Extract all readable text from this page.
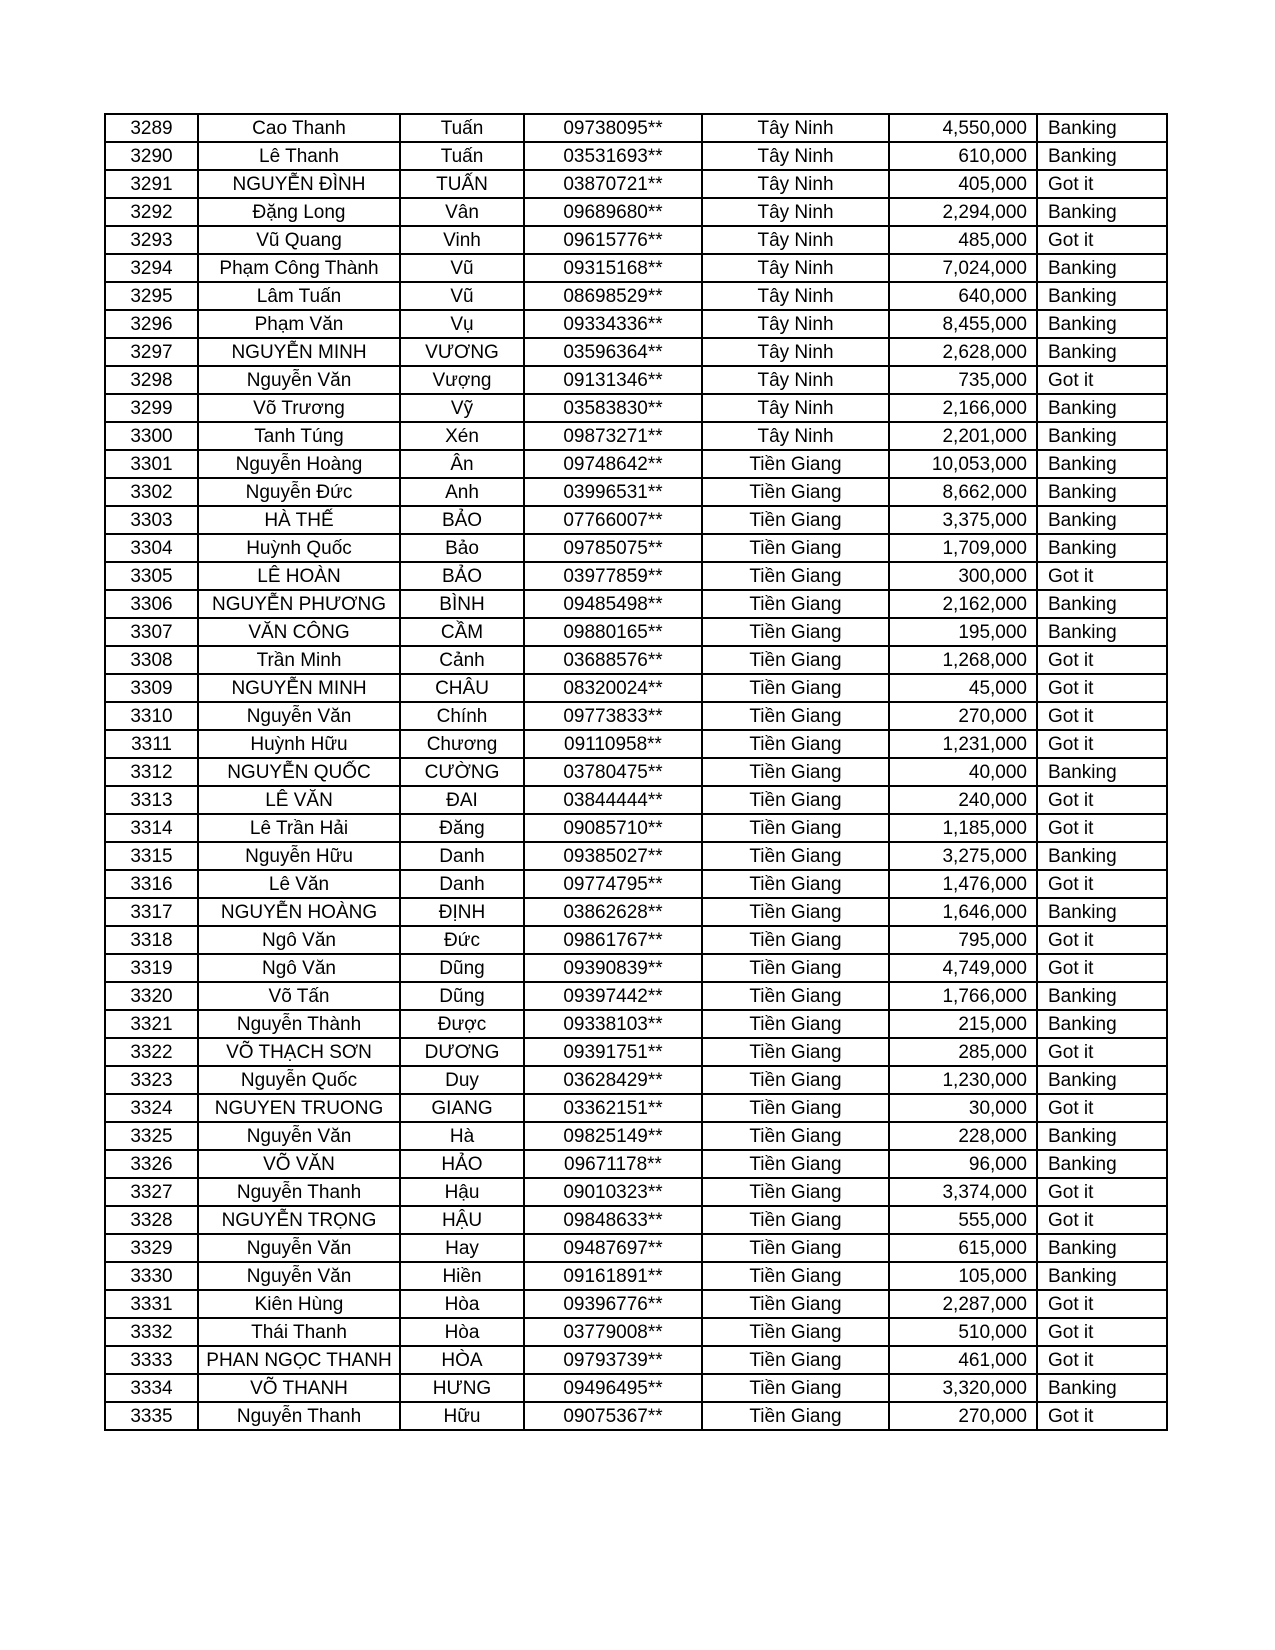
3289	Cao Thanh	Tuấn	09738095**	Tây Ninh	4,550,000	Banking
3290	Lê Thanh	Tuấn	03531693**	Tây Ninh	610,000	Banking
3291	NGUYỄN ĐÌNH	TUẤN	03870721**	Tây Ninh	405,000	Got it
3292	Đặng Long	Vân	09689680**	Tây Ninh	2,294,000	Banking
3293	Vũ Quang	Vinh	09615776**	Tây Ninh	485,000	Got it
3294	Phạm Công Thành	Vũ	09315168**	Tây Ninh	7,024,000	Banking
3295	Lâm Tuấn	Vũ	08698529**	Tây Ninh	640,000	Banking
3296	Phạm Văn	Vụ	09334336**	Tây Ninh	8,455,000	Banking
3297	NGUYỄN MINH	VƯƠNG	03596364**	Tây Ninh	2,628,000	Banking
3298	Nguyễn Văn	Vượng	09131346**	Tây Ninh	735,000	Got it
3299	Võ Trương	Vỹ	03583830**	Tây Ninh	2,166,000	Banking
3300	Tanh Túng	Xén	09873271**	Tây Ninh	2,201,000	Banking
3301	Nguyễn Hoàng	Ân	09748642**	Tiền Giang	10,053,000	Banking
3302	Nguyễn Đức	Anh	03996531**	Tiền Giang	8,662,000	Banking
3303	HÀ THẾ	BẢO	07766007**	Tiền Giang	3,375,000	Banking
3304	Huỳnh Quốc	Bảo	09785075**	Tiền Giang	1,709,000	Banking
3305	LÊ HOÀN	BẢO	03977859**	Tiền Giang	300,000	Got it
3306	NGUYỄN PHƯƠNG	BÌNH	09485498**	Tiền Giang	2,162,000	Banking
3307	VĂN CÔNG	CẦM	09880165**	Tiền Giang	195,000	Banking
3308	Trần Minh	Cảnh	03688576**	Tiền Giang	1,268,000	Got it
3309	NGUYỄN MINH	CHÂU	08320024**	Tiền Giang	45,000	Got it
3310	Nguyễn Văn	Chính	09773833**	Tiền Giang	270,000	Got it
3311	Huỳnh Hữu	Chương	09110958**	Tiền Giang	1,231,000	Got it
3312	NGUYỄN QUỐC	CƯỜNG	03780475**	Tiền Giang	40,000	Banking
3313	LÊ VĂN	ĐAI	03844444**	Tiền Giang	240,000	Got it
3314	Lê Trần Hải	Đăng	09085710**	Tiền Giang	1,185,000	Got it
3315	Nguyễn Hữu	Danh	09385027**	Tiền Giang	3,275,000	Banking
3316	Lê Văn	Danh	09774795**	Tiền Giang	1,476,000	Got it
3317	NGUYỄN HOÀNG	ĐỊNH	03862628**	Tiền Giang	1,646,000	Banking
3318	Ngô Văn	Đức	09861767**	Tiền Giang	795,000	Got it
3319	Ngô Văn	Dũng	09390839**	Tiền Giang	4,749,000	Got it
3320	Võ Tấn	Dũng	09397442**	Tiền Giang	1,766,000	Banking
3321	Nguyễn Thành	Được	09338103**	Tiền Giang	215,000	Banking
3322	VÕ THẠCH SƠN	DƯƠNG	09391751**	Tiền Giang	285,000	Got it
3323	Nguyễn Quốc	Duy	03628429**	Tiền Giang	1,230,000	Banking
3324	NGUYEN TRUONG	GIANG	03362151**	Tiền Giang	30,000	Got it
3325	Nguyễn Văn	Hà	09825149**	Tiền Giang	228,000	Banking
3326	VÕ VĂN	HẢO	09671178**	Tiền Giang	96,000	Banking
3327	Nguyễn Thanh	Hậu	09010323**	Tiền Giang	3,374,000	Got it
3328	NGUYỄN TRỌNG	HẬU	09848633**	Tiền Giang	555,000	Got it
3329	Nguyễn Văn	Hay	09487697**	Tiền Giang	615,000	Banking
3330	Nguyễn Văn	Hiền	09161891**	Tiền Giang	105,000	Banking
3331	Kiên Hùng	Hòa	09396776**	Tiền Giang	2,287,000	Got it
3332	Thái Thanh	Hòa	03779008**	Tiền Giang	510,000	Got it
3333	PHAN NGỌC THANH	HÒA	09793739**	Tiền Giang	461,000	Got it
3334	VÕ THANH	HƯNG	09496495**	Tiền Giang	3,320,000	Banking
3335	Nguyễn Thanh	Hữu	09075367**	Tiền Giang	270,000	Got it
